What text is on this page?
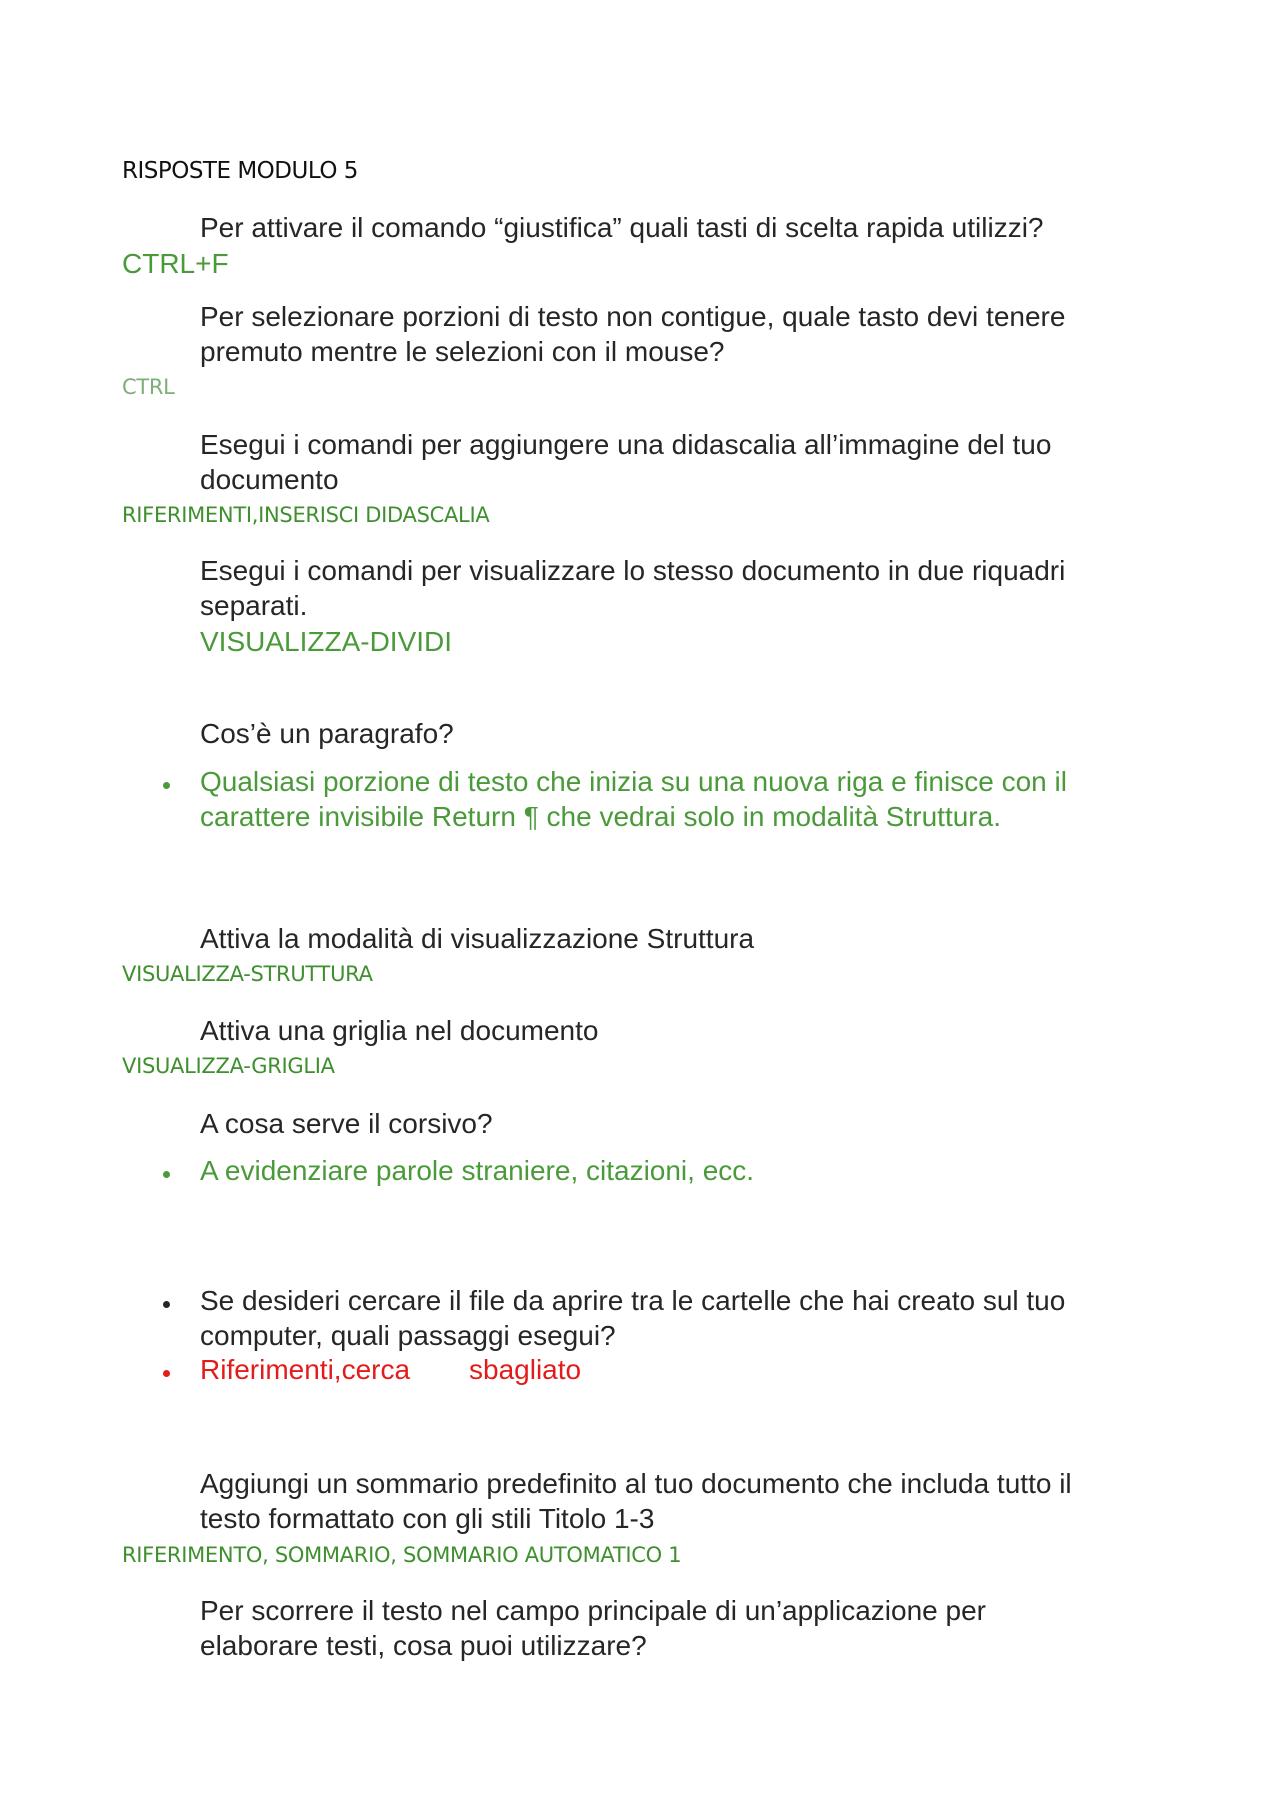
RISPOSTE MODULO 5

Per attivare il comando “giustifica” quali tasti di scelta rapida utilizzi?

CTRL+F

Per selezionare porzioni di testo non contigue, quale tasto devi tenere

premuto mentre le selezioni con il mouse?

CTRL

Esegui i comandi per aggiungere una didascalia all’immagine del tuo

documento

RIFERIMENTI,INSERISCI DIDASCALIA

Esegui i comandi per visualizzare lo stesso documento in due riquadri

separati.

VISUALIZZA-DIVIDI

Cos’è un paragrafo?

Qualsiasi porzione di testo che inizia su una nuova riga e finisce con il

carattere invisibile Return ¶ che vedrai solo in modalità Struttura.

Attiva la modalità di visualizzazione Struttura

VISUALIZZA-STRUTTURA

Attiva una griglia nel documento

VISUALIZZA-GRIGLIA

A cosa serve il corsivo?

A evidenziare parole straniere, citazioni, ecc.

Se desideri cercare il file da aprire tra le cartelle che hai creato sul tuo

computer, quali passaggi esegui?

Riferimenti,cerca sbagliato

Aggiungi un sommario predefinito al tuo documento che includa tutto il

testo formattato con gli stili Titolo 1-3

RIFERIMENTO, SOMMARIO, SOMMARIO AUTOMATICO 1

Per scorrere il testo nel campo principale di un’applicazione per

elaborare testi, cosa puoi utilizzare?
